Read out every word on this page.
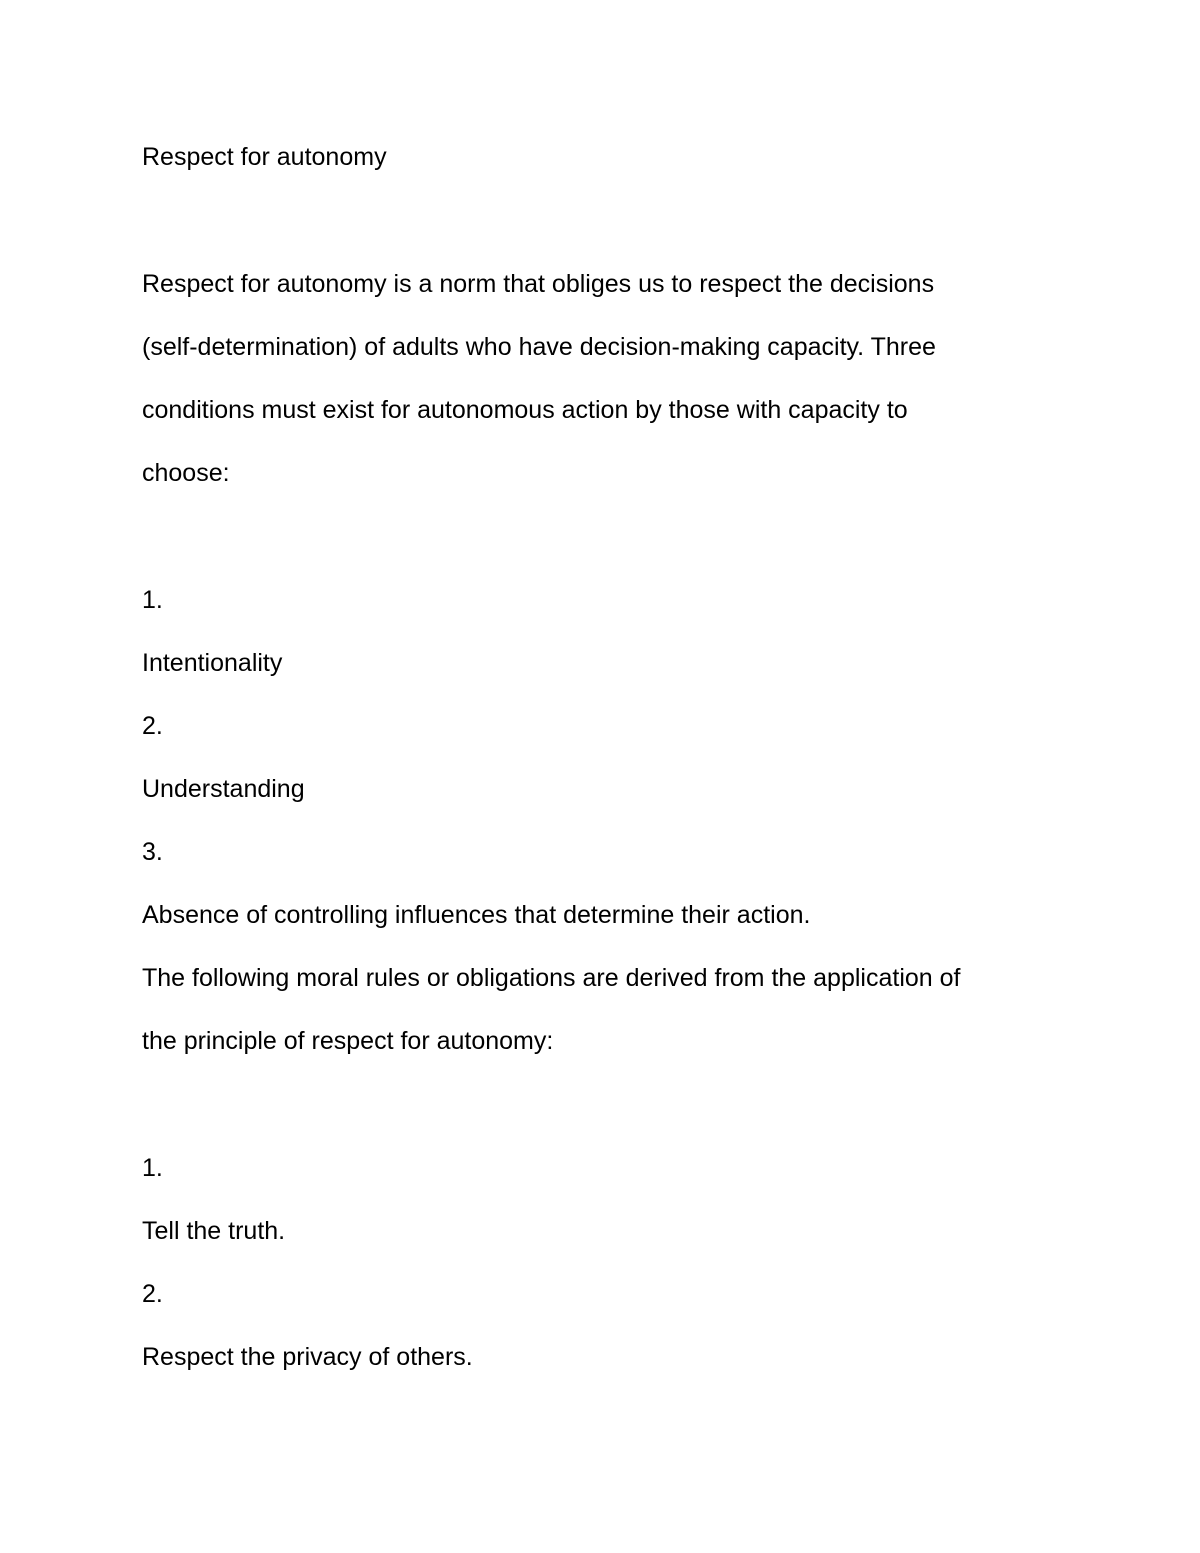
Respect for autonomy
Respect for autonomy is a norm that obliges us to respect the decisions
(self-determination) of adults who have decision-making capacity. Three
conditions must exist for autonomous action by those with capacity to
choose:
1.
Intentionality
2.
Understanding
3.
Absence of controlling influences that determine their action.
The following moral rules or obligations are derived from the application of
the principle of respect for autonomy:
1.
Tell the truth.
2.
Respect the privacy of others.
